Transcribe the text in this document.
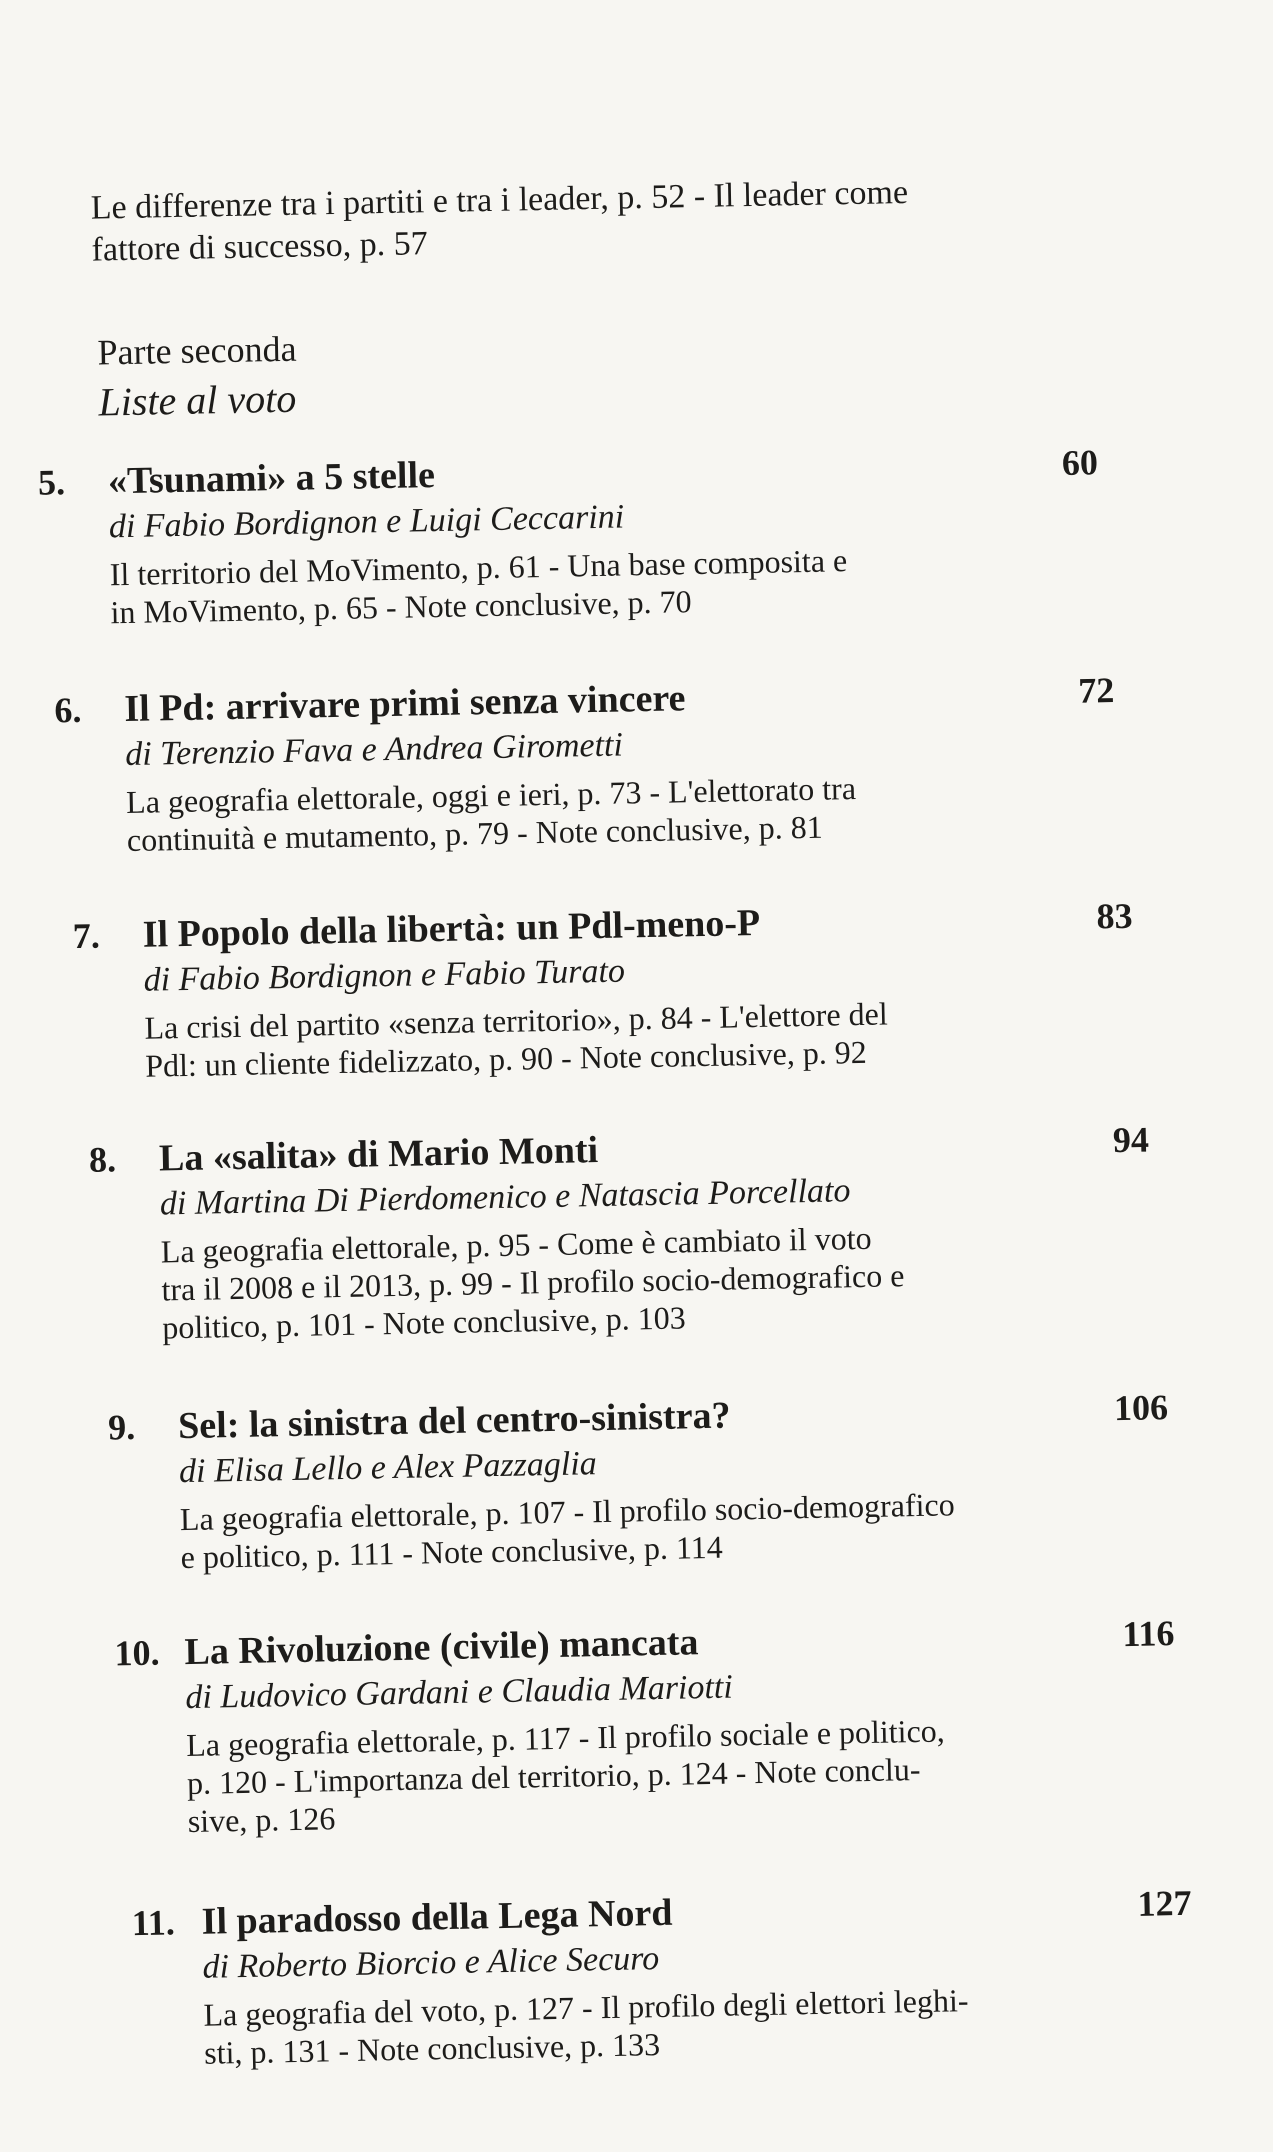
Le differenze tra i partiti e tra i leader, p. 52 - Il leader come
fattore di successo, p. 57
Parte seconda
Liste al voto
5. «Tsunami» a 5 stelle
di Fabio Bordignon e Luigi Ceccarini
Il territorio del MoVimento, p. 61 - Una base composita e
in MoVimento, p. 65 - Note conclusive, p. 70
60
6. Il Pd: arrivare primi senza vincere
di Terenzio Fava e Andrea Girometti
La geografia elettorale, oggi e ieri, p. 73 - L'elettorato tra
continuità e mutamento, p. 79 - Note conclusive, p. 81
72
7. Il Popolo della libertà: un Pdl-meno-P
di Fabio Bordignon e Fabio Turato
La crisi del partito «senza territorio», p. 84 - L'elettore del
Pdl: un cliente fidelizzato, p. 90 - Note conclusive, p. 92
83
8. La «salita» di Mario Monti
di Martina Di Pierdomenico e Natascia Porcellato
La geografia elettorale, p. 95 - Come è cambiato il voto
tra il 2008 e il 2013, p. 99 - Il profilo socio-demografico e
politico, p. 101 - Note conclusive, p. 103
94
9. Sel: la sinistra del centro-sinistra?
di Elisa Lello e Alex Pazzaglia
La geografia elettorale, p. 107 - Il profilo socio-demografico
e politico, p. 111 - Note conclusive, p. 114
106
10. La Rivoluzione (civile) mancata
di Ludovico Gardani e Claudia Mariotti
La geografia elettorale, p. 117 - Il profilo sociale e politico,
p. 120 - L'importanza del territorio, p. 124 - Note conclu-
sive, p. 126
116
11. Il paradosso della Lega Nord
di Roberto Biorcio e Alice Securo
La geografia del voto, p. 127 - Il profilo degli elettori leghi-
sti, p. 131 - Note conclusive, p. 133
127
